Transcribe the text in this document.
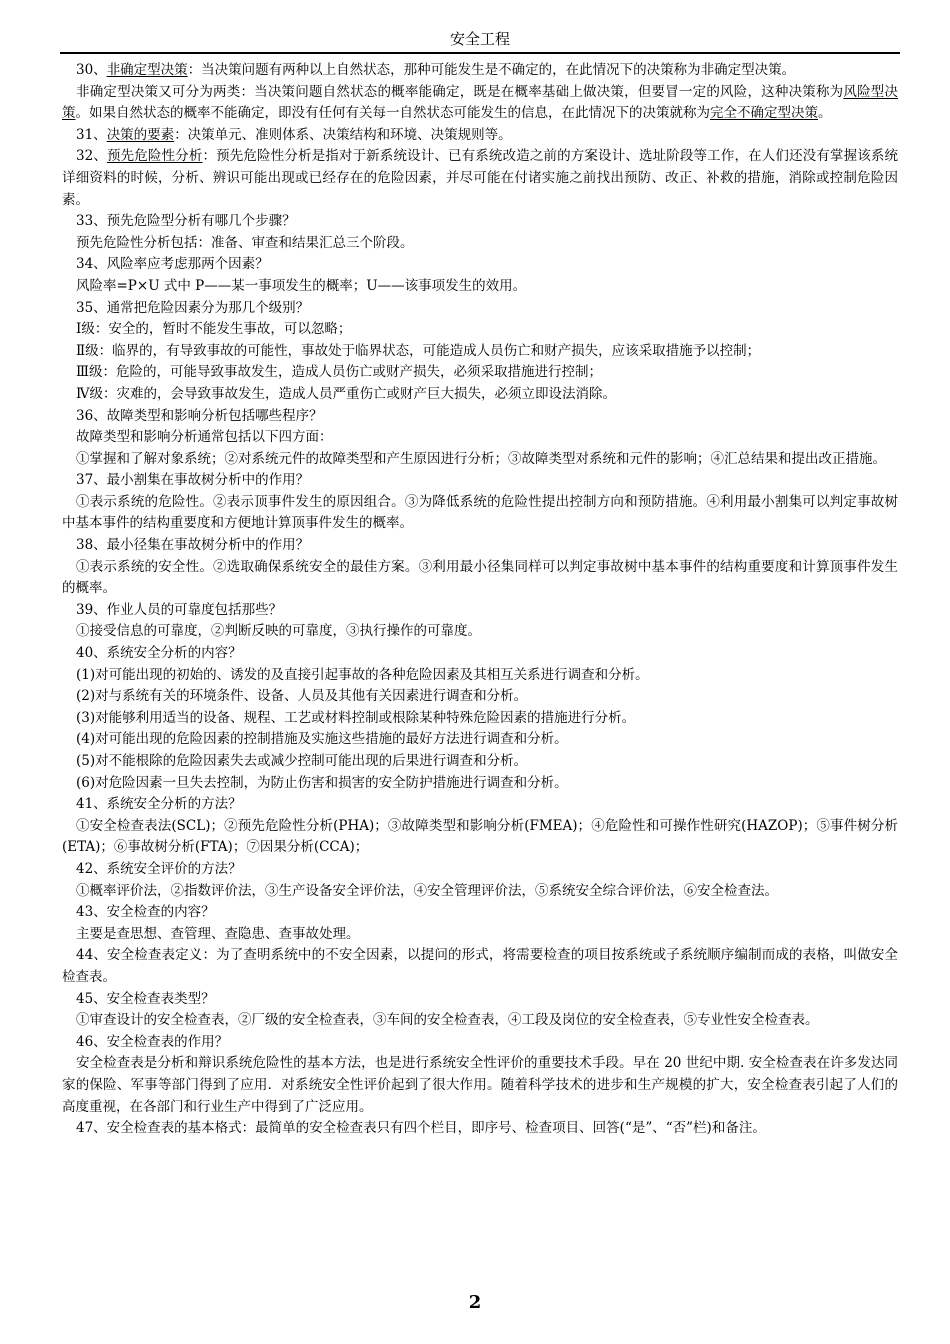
安全工程

30、非确定型决策：当决策问题有两种以上自然状态，那种可能发生是不确定的，在此情况下的决策称为非确定型决策。

非确定型决策又可分为两类：当决策问题自然状态的概率能确定，既是在概率基础上做决策，但要冒一定的风险，这种决策称为风险型决策。如果自然状态的概率不能确定，即没有任何有关每一自然状态可能发生的信息，在此情况下的决策就称为完全不确定型决策。

31、决策的要素：决策单元、准则体系、决策结构和环境、决策规则等。

32、预先危险性分析：预先危险性分析是指对于新系统设计、已有系统改造之前的方案设计、选址阶段等工作，在人们还没有掌握该系统详细资料的时候，分析、辨识可能出现或已经存在的危险因素，并尽可能在付诸实施之前找出预防、改正、补救的措施，消除或控制危险因素。

33、预先危险型分析有哪几个步骤？

预先危险性分析包括：准备、审查和结果汇总三个阶段。

34、风险率应考虑那两个因素？

风险率=P×U 式中 P——某一事项发生的概率；U——该事项发生的效用。

35、通常把危险因素分为那几个级别？

Ⅰ级：安全的，暂时不能发生事故，可以忽略；

Ⅱ级：临界的，有导致事故的可能性，事故处于临界状态，可能造成人员伤亡和财产损失，应该采取措施予以控制；

Ⅲ级：危险的，可能导致事故发生，造成人员伤亡或财产损失，必须采取措施进行控制；

Ⅳ级：灾难的，会导致事故发生，造成人员严重伤亡或财产巨大损失，必须立即设法消除。

36、故障类型和影响分析包括哪些程序？

故障类型和影响分析通常包括以下四方面：

①掌握和了解对象系统；②对系统元件的故障类型和产生原因进行分析；③故障类型对系统和元件的影响；④汇总结果和提出改正措施。

37、最小割集在事故树分析中的作用？

①表示系统的危险性。②表示顶事件发生的原因组合。③为降低系统的危险性提出控制方向和预防措施。④利用最小割集可以判定事故树中基本事件的结构重要度和方便地计算顶事件发生的概率。

38、最小径集在事故树分析中的作用？

①表示系统的安全性。②选取确保系统安全的最佳方案。③利用最小径集同样可以判定事故树中基本事件的结构重要度和计算顶事件发生的概率。

39、作业人员的可靠度包括那些？

①接受信息的可靠度，②判断反映的可靠度，③执行操作的可靠度。

40、系统安全分析的内容？

(1)对可能出现的初始的、诱发的及直接引起事故的各种危险因素及其相互关系进行调查和分析。

(2)对与系统有关的环境条件、设备、人员及其他有关因素进行调查和分析。

(3)对能够利用适当的设备、规程、工艺或材料控制或根除某种特殊危险因素的措施进行分析。

(4)对可能出现的危险因素的控制措施及实施这些措施的最好方法进行调查和分析。

(5)对不能根除的危险因素失去或减少控制可能出现的后果进行调查和分析。

(6)对危险因素一旦失去控制，为防止伤害和损害的安全防护措施进行调查和分析。

41、系统安全分析的方法？

①安全检查表法(SCL)；②预先危险性分析(PHA)；③故障类型和影响分析(FMEA)；④危险性和可操作性研究(HAZOP)；⑤事件树分析(ETA)；⑥事故树分析(FTA)；⑦因果分析(CCA)；

42、系统安全评价的方法？

①概率评价法，②指数评价法，③生产设备安全评价法，④安全管理评价法，⑤系统安全综合评价法，⑥安全检查法。

43、安全检查的内容？

主要是查思想、查管理、查隐患、查事故处理。

44、安全检查表定义：为了查明系统中的不安全因素，以提问的形式，将需要检查的项目按系统或子系统顺序编制而成的表格，叫做安全检查表。

45、安全检查表类型？

①审查设计的安全检查表，②厂级的安全检查表，③车间的安全检查表，④工段及岗位的安全检查表，⑤专业性安全检查表。

46、安全检查表的作用？

安全检查表是分析和辩识系统危险性的基本方法，也是进行系统安全性评价的重要技术手段。早在 20 世纪中期. 安全检查表在许多发达同家的保险、军事等部门得到了应用．对系统安全性评价起到了很大作用。随着科学技术的进步和生产规模的扩大，安全检查表引起了人们的高度重视，在各部门和行业生产中得到了广泛应用。

47、安全检查表的基本格式：最简单的安全检查表只有四个栏目，即序号、检查项目、回答(“是”、“否”栏)和备注。

2
